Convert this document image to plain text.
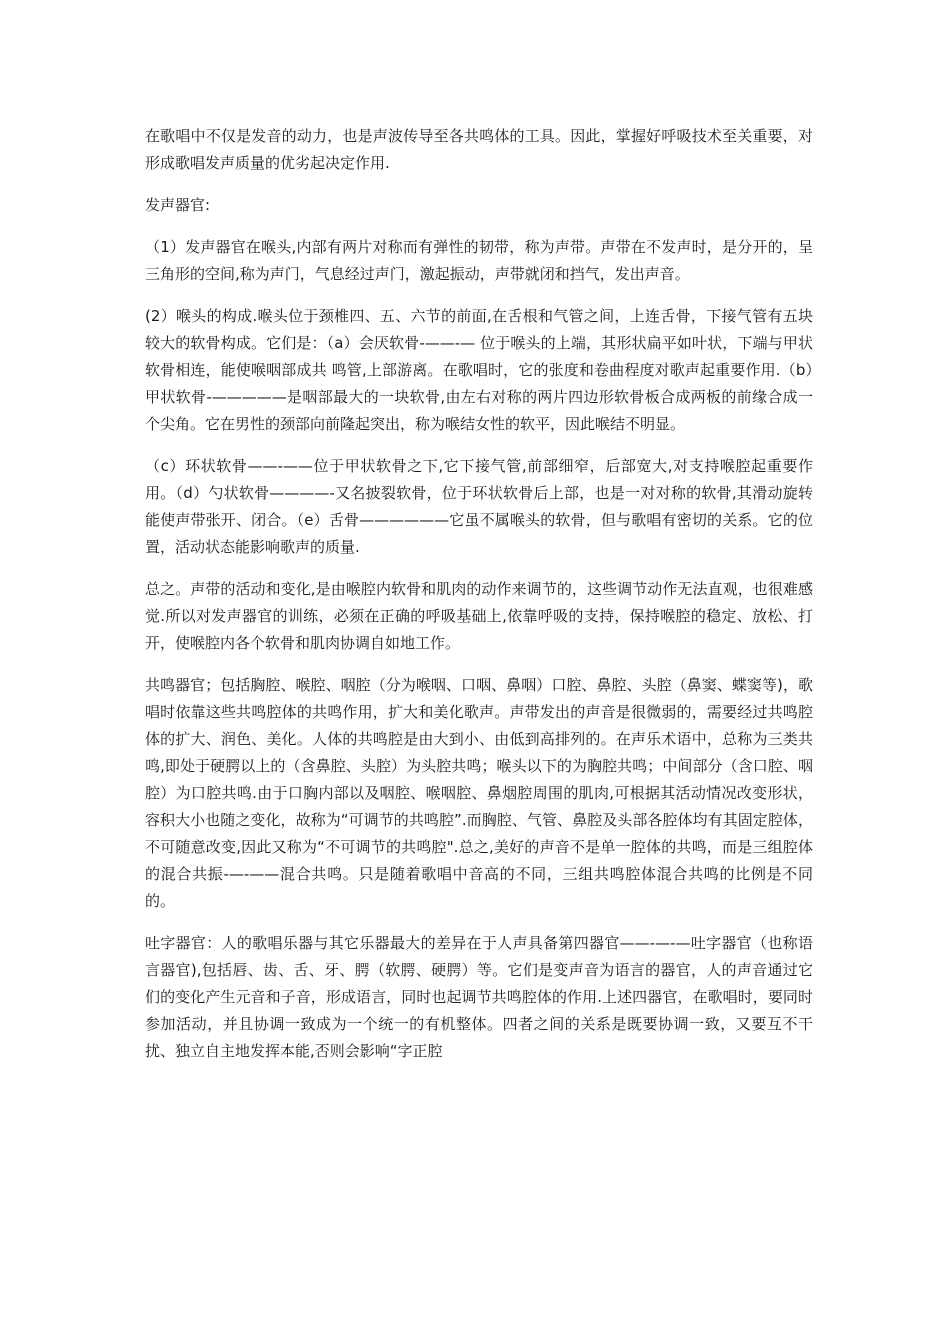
在歌唱中不仅是发音的动力，也是声波传导至各共鸣体的工具。因此，掌握好呼吸技术至关重要，对形成歌唱发声质量的优劣起决定作用.

发声器官:

（1）发声器官在喉头,内部有两片对称而有弹性的韧带，称为声带。声带在不发声时，是分开的，呈三角形的空间,称为声门，气息经过声门，激起振动，声带就闭和挡气，发出声音。

(2）喉头的构成.喉头位于颈椎四、五、六节的前面,在舌根和气管之间，上连舌骨，下接气管有五块较大的软骨构成。它们是：（a）会厌软骨-——-— 位于喉头的上端，其形状扁平如叶状，下端与甲状软骨相连，能使喉咽部成共 鸣管,上部游离。在歌唱时，它的张度和卷曲程度对歌声起重要作用.（b）甲状软骨-—————是咽部最大的一块软骨,由左右对称的两片四边形软骨板合成两板的前缘合成一个尖角。它在男性的颈部向前隆起突出，称为喉结女性的软平，因此喉结不明显。

（c）环状软骨——-——位于甲状软骨之下,它下接气管,前部细窄，后部宽大,对支持喉腔起重要作用。（d）勺状软骨————-又名披裂软骨，位于环状软骨后上部，也是一对对称的软骨,其滑动旋转能使声带张开、闭合。（e）舌骨——————它虽不属喉头的软骨，但与歌唱有密切的关系。它的位置，活动状态能影响歌声的质量.

总之。声带的活动和变化,是由喉腔内软骨和肌肉的动作来调节的，这些调节动作无法直观，也很难感觉.所以对发声器官的训练，必须在正确的呼吸基础上,依靠呼吸的支持，保持喉腔的稳定、放松、打开，使喉腔内各个软骨和肌肉协调自如地工作。

共鸣器官；包括胸腔、喉腔、咽腔（分为喉咽、口咽、鼻咽）口腔、鼻腔、头腔（鼻窦、蝶窦等)，歌唱时依靠这些共鸣腔体的共鸣作用，扩大和美化歌声。声带发出的声音是很微弱的，需要经过共鸣腔体的扩大、润色、美化。人体的共鸣腔是由大到小、由低到高排列的。在声乐术语中，总称为三类共鸣,即处于硬腭以上的（含鼻腔、头腔）为头腔共鸣；喉头以下的为胸腔共鸣；中间部分（含口腔、咽腔）为口腔共鸣.由于口胸内部以及咽腔、喉咽腔、鼻烟腔周围的肌肉,可根据其活动情况改变形状，容积大小也随之变化，故称为“可调节的共鸣腔”.而胸腔、气管、鼻腔及头部各腔体均有其固定腔体，不可随意改变,因此又称为“不可调节的共鸣腔".总之,美好的声音不是单一腔体的共鸣，而是三组腔体的混合共振-—-——混合共鸣。只是随着歌唱中音高的不同，三组共鸣腔体混合共鸣的比例是不同的。

吐字器官：人的歌唱乐器与其它乐器最大的差异在于人声具备第四器官——-—-—吐字器官（也称语言器官),包括唇、齿、舌、牙、腭（软腭、硬腭）等。它们是变声音为语言的器官，人的声音通过它们的变化产生元音和子音，形成语言，同时也起调节共鸣腔体的作用.上述四器官，在歌唱时，要同时参加活动，并且协调一致成为一个统一的有机整体。四者之间的关系是既要协调一致，又要互不干扰、独立自主地发挥本能,否则会影响“字正腔
